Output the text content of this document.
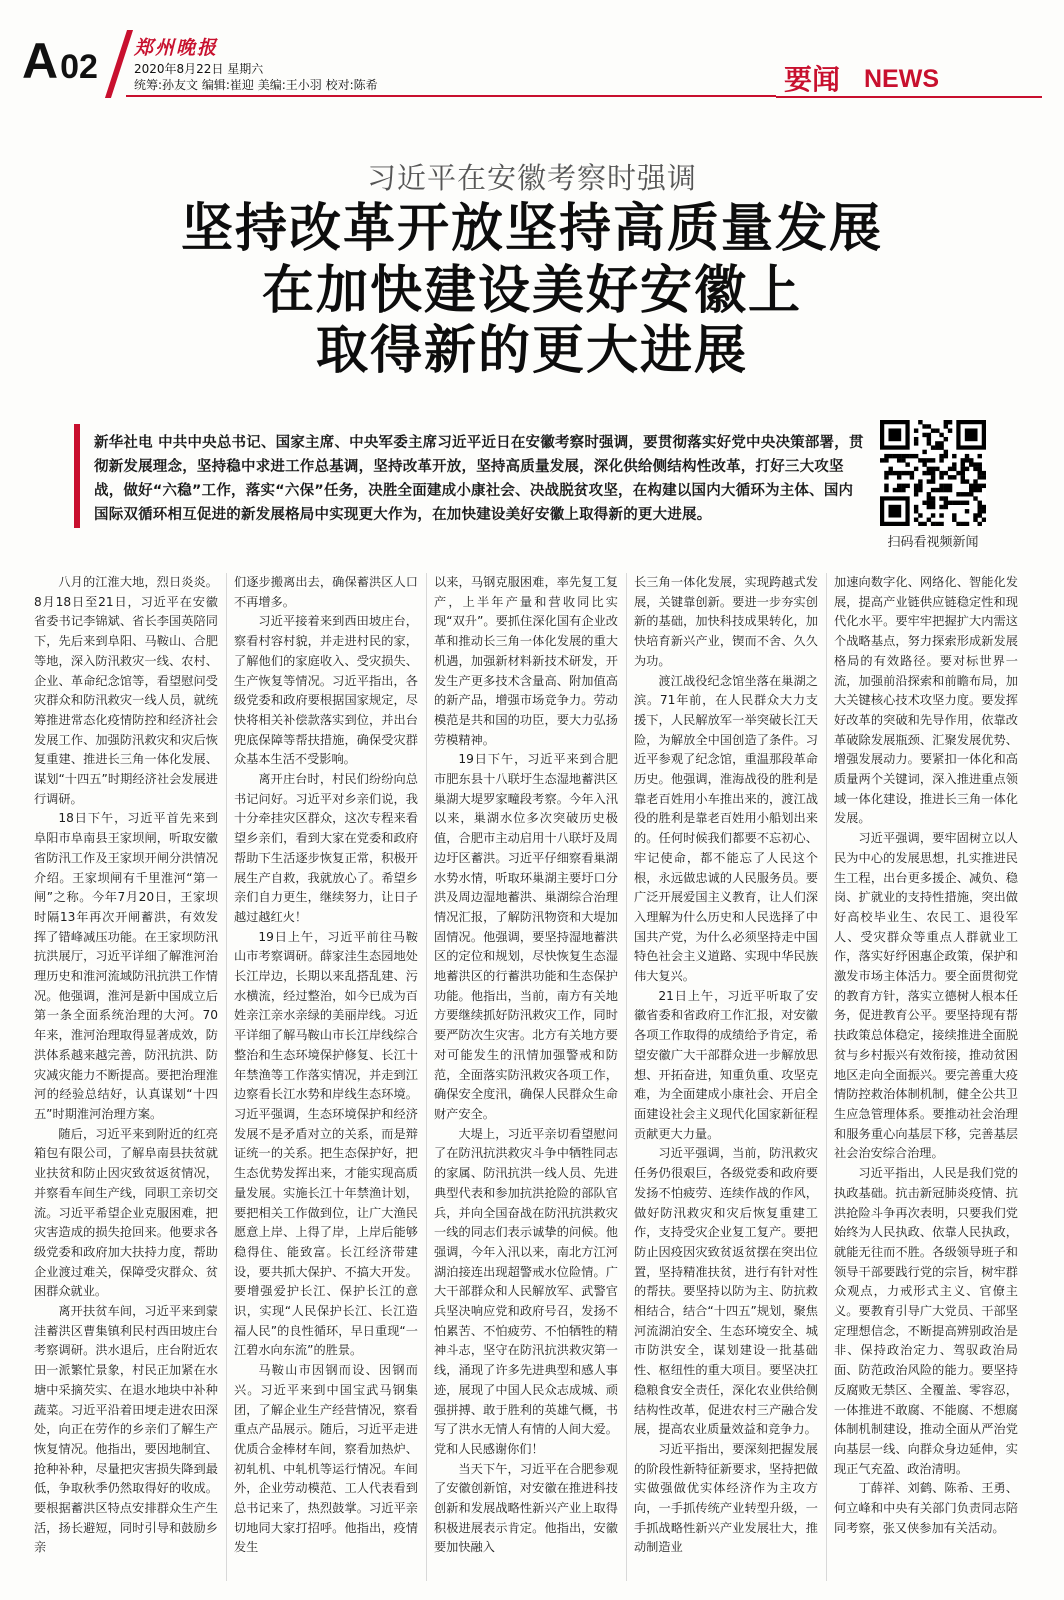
A02 郑州晚报
2020年8月22日 星期六
统筹:孙友文 编辑:崔迎 美编:王小羽 校对:陈希	要闻 NEWS
习近平在安徽考察时强调
坚持改革开放坚持高质量发展
在加快建设美好安徽上
取得新的更大进展
新华社电 中共中央总书记、国家主席、中央军委主席习近平近日在安徽考察时强调，要贯彻落实好党中央决策部署，贯彻新发展理念，坚持稳中求进工作总基调，坚持改革开放，坚持高质量发展，深化供给侧结构性改革，打好三大攻坚战，做好“六稳”工作，落实“六保”任务，决胜全面建成小康社会、决战脱贫攻坚，在构建以国内大循环为主体、国内国际双循环相互促进的新发展格局中实现更大作为，在加快建设美好安徽上取得新的更大进展。
扫码看视频新闻

八月的江淮大地，烈日炎炎。8月18日至21日，习近平在安徽省委书记李锦斌、省长李国英陪同下，先后来到阜阳、马鞍山、合肥等地，深入防汛救灾一线、农村、企业、革命纪念馆等，看望慰问受灾群众和防汛救灾一线人员，就统筹推进常态化疫情防控和经济社会发展工作、加强防汛救灾和灾后恢复重建、推进长三角一体化发展、谋划“十四五”时期经济社会发展进行调研。

18日下午，习近平首先来到阜阳市阜南县王家坝闸，听取安徽省防汛工作及王家坝开闸分洪情况介绍。王家坝闸有千里淮河“第一闸”之称。今年7月20日，王家坝时隔13年再次开闸蓄洪，有效发挥了错峰减压功能。在王家坝防汛抗洪展厅，习近平详细了解淮河治理历史和淮河流域防汛抗洪工作情况。他强调，淮河是新中国成立后第一条全面系统治理的大河。70年来，淮河治理取得显著成效，防洪体系越来越完善，防汛抗洪、防灾减灾能力不断提高。要把治理淮河的经验总结好，认真谋划“十四五”时期淮河治理方案。

随后，习近平来到附近的红亮箱包有限公司，了解阜南县扶贫就业扶贫和防止因灾致贫返贫情况，并察看车间生产线，同职工亲切交流。习近平希望企业克服困难，把灾害造成的损失抢回来。他要求各级党委和政府加大扶持力度，帮助企业渡过难关，保障受灾群众、贫困群众就业。

离开扶贫车间，习近平来到蒙洼蓄洪区曹集镇利民村西田坡庄台考察调研。洪水退后，庄台附近农田一派繁忙景象，村民正加紧在水塘中采摘芡实、在退水地块中补种蔬菜。习近平沿着田埂走进农田深处，向正在劳作的乡亲们了解生产恢复情况。他指出，要因地制宜、抢种补种，尽量把灾害损失降到最低，争取秋季仍然取得好的收成。要根据蓄洪区特点安排群众生产生活，扬长避短，同时引导和鼓励乡亲

们逐步搬离出去，确保蓄洪区人口不再增多。

习近平接着来到西田坡庄台，察看村容村貌，并走进村民的家，了解他们的家庭收入、受灾损失、生产恢复等情况。习近平指出，各级党委和政府要根据国家规定，尽快将相关补偿款落实到位，并出台兜底保障等帮扶措施，确保受灾群众基本生活不受影响。

离开庄台时，村民们纷纷向总书记问好。习近平对乡亲们说，我十分牵挂灾区群众，这次专程来看望乡亲们，看到大家在党委和政府帮助下生活逐步恢复正常，积极开展生产自救，我就放心了。希望乡亲们自力更生，继续努力，让日子越过越红火！

19日上午，习近平前往马鞍山市考察调研。薛家洼生态园地处长江岸边，长期以来乱搭乱建、污水横流，经过整治，如今已成为百姓亲江亲水亲绿的美丽岸线。习近平详细了解马鞍山市长江岸线综合整治和生态环境保护修复、长江十年禁渔等工作落实情况，并走到江边察看长江水势和岸线生态环境。习近平强调，生态环境保护和经济发展不是矛盾对立的关系，而是辩证统一的关系。把生态保护好，把生态优势发挥出来，才能实现高质量发展。实施长江十年禁渔计划，要把相关工作做到位，让广大渔民愿意上岸、上得了岸，上岸后能够稳得住、能致富。长江经济带建设，要共抓大保护、不搞大开发。要增强爱护长江、保护长江的意识，实现“人民保护长江、长江造福人民”的良性循环，早日重现“一江碧水向东流”的胜景。

马鞍山市因钢而设、因钢而兴。习近平来到中国宝武马钢集团，了解企业生产经营情况，察看重点产品展示。随后，习近平走进优质合金棒材车间，察看加热炉、初轧机、中轧机等运行情况。车间外，企业劳动模范、工人代表看到总书记来了，热烈鼓掌。习近平亲切地同大家打招呼。他指出，疫情发生

以来，马钢克服困难，率先复工复产，上半年产量和营收同比实现“双升”。要抓住深化国有企业改革和推动长三角一体化发展的重大机遇，加强新材料新技术研发，开发生产更多技术含量高、附加值高的新产品，增强市场竞争力。劳动模范是共和国的功臣，要大力弘扬劳模精神。

19日下午，习近平来到合肥市肥东县十八联圩生态湿地蓄洪区巢湖大堤罗家疃段考察。今年入汛以来，巢湖水位多次突破历史极值，合肥市主动启用十八联圩及周边圩区蓄洪。习近平仔细察看巢湖水势水情，听取环巢湖主要圩口分洪及周边湿地蓄洪、巢湖综合治理情况汇报，了解防汛物资和大堤加固情况。他强调，要坚持湿地蓄洪区的定位和规划，尽快恢复生态湿地蓄洪区的行蓄洪功能和生态保护功能。他指出，当前，南方有关地方要继续抓好防汛救灾工作，同时要严防次生灾害。北方有关地方要对可能发生的汛情加强警戒和防范，全面落实防汛救灾各项工作，确保安全度汛，确保人民群众生命财产安全。

大堤上，习近平亲切看望慰问了在防汛抗洪救灾斗争中牺牲同志的家属、防汛抗洪一线人员、先进典型代表和参加抗洪抢险的部队官兵，并向全国奋战在防汛抗洪救灾一线的同志们表示诚挚的问候。他强调，今年入汛以来，南北方江河湖泊接连出现超警戒水位险情。广大干部群众和人民解放军、武警官兵坚决响应党和政府号召，发扬不怕累苦、不怕疲劳、不怕牺牲的精神斗志，坚守在防汛抗洪救灾第一线，涌现了许多先进典型和感人事迹，展现了中国人民众志成城、顽强拼搏、敢于胜利的英雄气概，书写了洪水无情人有情的人间大爱。党和人民感谢你们！

当天下午，习近平在合肥参观了安徽创新馆，对安徽在推进科技创新和发展战略性新兴产业上取得积极进展表示肯定。他指出，安徽要加快融入

长三角一体化发展，实现跨越式发展，关键靠创新。要进一步夯实创新的基础，加快科技成果转化，加快培育新兴产业，锲而不舍、久久为功。

渡江战役纪念馆坐落在巢湖之滨。71年前，在人民群众大力支援下，人民解放军一举突破长江天险，为解放全中国创造了条件。习近平参观了纪念馆，重温那段革命历史。他强调，淮海战役的胜利是靠老百姓用小车推出来的，渡江战役的胜利是靠老百姓用小船划出来的。任何时候我们都要不忘初心、牢记使命，都不能忘了人民这个根，永远做忠诚的人民服务员。要广泛开展爱国主义教育，让人们深入理解为什么历史和人民选择了中国共产党，为什么必须坚持走中国特色社会主义道路、实现中华民族伟大复兴。

21日上午，习近平听取了安徽省委和省政府工作汇报，对安徽各项工作取得的成绩给予肯定，希望安徽广大干部群众进一步解放思想、开拓奋进，知重负重、攻坚克难，为全面建成小康社会、开启全面建设社会主义现代化国家新征程贡献更大力量。

习近平强调，当前，防汛救灾任务仍很艰巨，各级党委和政府要发扬不怕疲劳、连续作战的作风，做好防汛救灾和灾后恢复重建工作，支持受灾企业复工复产。要把防止因疫因灾致贫返贫摆在突出位置，坚持精准扶贫，进行有针对性的帮扶。要坚持以防为主、防抗救相结合，结合“十四五”规划，聚焦河流湖泊安全、生态环境安全、城市防洪安全，谋划建设一批基础性、枢纽性的重大项目。要坚决扛稳粮食安全责任，深化农业供给侧结构性改革，促进农村三产融合发展，提高农业质量效益和竞争力。

习近平指出，要深刻把握发展的阶段性新特征新要求，坚持把做实做强做优实体经济作为主攻方向，一手抓传统产业转型升级，一手抓战略性新兴产业发展壮大，推动制造业

加速向数字化、网络化、智能化发展，提高产业链供应链稳定性和现代化水平。要牢牢把握扩大内需这个战略基点，努力探索形成新发展格局的有效路径。要对标世界一流，加强前沿探索和前瞻布局，加大关键核心技术攻坚力度。要发挥好改革的突破和先导作用，依靠改革破除发展瓶颈、汇聚发展优势、增强发展动力。要紧扣一体化和高质量两个关键词，深入推进重点领域一体化建设，推进长三角一体化发展。

习近平强调，要牢固树立以人民为中心的发展思想，扎实推进民生工程，出台更多援企、减负、稳岗、扩就业的支持性措施，突出做好高校毕业生、农民工、退役军人、受灾群众等重点人群就业工作，落实好纾困惠企政策，保护和激发市场主体活力。要全面贯彻党的教育方针，落实立德树人根本任务，促进教育公平。要坚持现有帮扶政策总体稳定，接续推进全面脱贫与乡村振兴有效衔接，推动贫困地区走向全面振兴。要完善重大疫情防控救治体制机制，健全公共卫生应急管理体系。要推动社会治理和服务重心向基层下移，完善基层社会治安综合治理。

习近平指出，人民是我们党的执政基础。抗击新冠肺炎疫情、抗洪抢险斗争再次表明，只要我们党始终为人民执政、依靠人民执政，就能无往而不胜。各级领导班子和领导干部要践行党的宗旨，树牢群众观点，力戒形式主义、官僚主义。要教育引导广大党员、干部坚定理想信念，不断提高辨别政治是非、保持政治定力、驾驭政治局面、防范政治风险的能力。要坚持反腐败无禁区、全覆盖、零容忍，一体推进不敢腐、不能腐、不想腐体制机制建设，推动全面从严治党向基层一线、向群众身边延伸，实现正气充盈、政治清明。

丁薛祥、刘鹤、陈希、王勇、何立峰和中央有关部门负责同志陪同考察，张又侠参加有关活动。
